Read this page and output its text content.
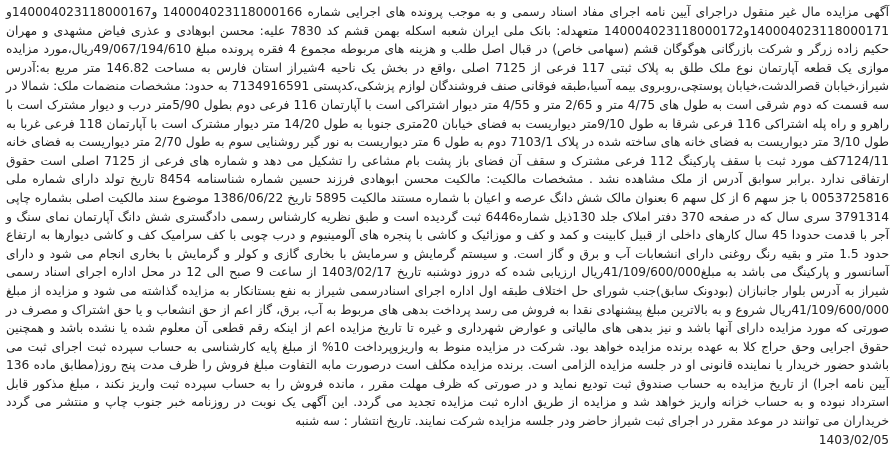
آگهی مزایده مال غیر منقول دراجرای آیین نامه اجرای مفاد اسناد رسمی و به موجب پرونده های اجرایی شماره 140004023118000166 و140004023118000167و 140004023118000171و140004023118000172 متعهدله: بانک ملی ایران شعبه اسکله بهمن قشم کد 7830 علیه: محسن ابوهادی و عذری فیاض مشهدی و مهران حکیم زاده زرگر و شرکت بازرگانی هوگوگان قشم (سهامی خاص) در قبال اصل طلب و هزینه های مربوطه مجموع 4 فقره پرونده مبلغ 49/067/194/610ریال،مورد مزایده موازی یک قطعه آپارتمان نوع ملک طلق به پلاک ثبتی 117 فرعی از 7125 اصلی ،واقع در بخش یک ناحیه 4شیراز استان فارس به مساحت 146.82 متر مربع به:آدرس شیراز،خیابان قصرالدشت،خیابان پوستچی،روبروی بیمه آسیا،طبقه فوقانی صنف فروشندگان لوازم پزشکی،کدپستی 7134916591 به حدود: مشخصات منضمات ملک: شمالا در سه قسمت که دوم شرقی است به طول های 4/75 متر و 2/65 متر و 4/55 متر دیوار اشتراکی است با آپارتمان 116 فرعی دوم بطول 5/90متر درب و دیوار مشترک است با راهرو و راه پله اشتراکی 116 فرعی شرقا به طول 9/10متر دیواریست به فضای خیابان 20متری جنوبا به طول 14/20 متر دیوار مشترک است با آپارتمان 118 فرعی غربا به طول 3/10 متر دیواریست به فضای خانه های ساخته شده در پلاک 7103/1 دوم به طول 6 متر دیواریست به نور گیر روشنایی سوم به طول 2/70 متر دیواریست به فضای خانه 7124/11کف مورد ثبت با سقف پارکینگ 112 فرعی مشترک و سقف آن فضای باز پشت بام مشاعی را تشکیل می دهد و شماره های فرعی از 7125 اصلی است حقوق ارتفاقی ندارد .برابر سوابق آدرس از ملک مشاهده نشد . مشخصات مالکیت: مالکیت محسن ابوهادی فرزند حسین شماره شناسنامه 8454 تاریخ تولد دارای شماره ملی 0053725816 با جز سهم 6 از کل سهم 6 بعنوان مالک شش دانگ عرصه و اعیان با شماره مستند مالکیت 5895 تاریخ 1386/06/22 موضوع سند مالکیت اصلی بشماره چاپی 3791314 سری سال که در صفحه 370 دفتر املاک جلد 130ذیل شماره6446 ثبت گردیده است و طبق نظریه کارشناس رسمی دادگستری شش دانگ آپارتمان نمای سنگ و آجر با قدمت حدودا 45 سال کارهای داخلی از قبیل کابینت و کمد و کف و موزائیک و کاشی با پنجره های آلومینیوم و درب چوبی با کف سرامیک کف و کاشی دیوارها به ارتفاع حدود 1.5 متر و بقیه رنگ روغنی دارای انشعابات آب و برق و گاز است. و سیستم گرمایش و سرمایش با بخاری گازی و کولر و گرمایش با بخاری انجام می شود و دارای آسانسور و پارکینگ می باشد به مبلغ41/109/600/000ریال ارزیابی شده که دروز دوشنبه تاریخ 1403/02/17 از ساعت 9 صبح الی 12 در محل اداره اجرای اسناد رسمی شیراز به آدرس بلوار جانبازان (بودونک سابق)جنب شورای حل اختلاف طبقه اول اداره اجرای اسنادرسمی شیراز به نفع بستانکار به مزایده گذاشته می شود و مزایده از مبلغ 41/109/600/000ریال شروع و به بالاترین مبلغ پیشنهادی نقدا به فروش می رسد پرداخت بدهی های مربوط به آب، برق، گاز اعم از حق انشعاب و یا حق اشتراک و مصرف در صورتی که مورد مزایده دارای آنها باشد و نیز بدهی های مالیاتی و عوارض شهرداری و غیره تا تاریخ مزایده اعم از اینکه رقم قطعی آن معلوم شده یا نشده باشد و همچنین حقوق اجرایی وحق حراج کلا به عهده برنده مزایده خواهد بود. شرکت در مزایده منوط به واریزوپرداخت 10% از مبلغ پایه کارشناسی به حساب سپرده ثبت اجرای ثبت می باشدو حضور خریدار یا نماینده قانونی او در جلسه مزایده الزامی است. برنده مزایده مکلف است درصورت مابه التفاوت مبلغ فروش را ظرف مدت پنج روز(مطابق ماده 136 آیین نامه اجرا) از تاریخ مزایده به حساب صندوق ثبت تودیع نماید و در صورتی که ظرف مهلت مقرر ، مانده فروش را به حساب سپرده ثبت واریز نکند ، مبلغ مذکور قابل استرداد نبوده و به حساب خزانه واریز خواهد شد و مزایده از طریق اداره ثبت مزایده تجدید می گردد. این آگهی یک نوبت در روزنامه خبر جنوب چاپ و منتشر می گردد خریداران می توانند در موعد مقرر در اجرای ثبت شیراز حاضر ودر جلسه مزایده شرکت نمایند. تاریخ انتشار : سه شنبه

1403/02/05
